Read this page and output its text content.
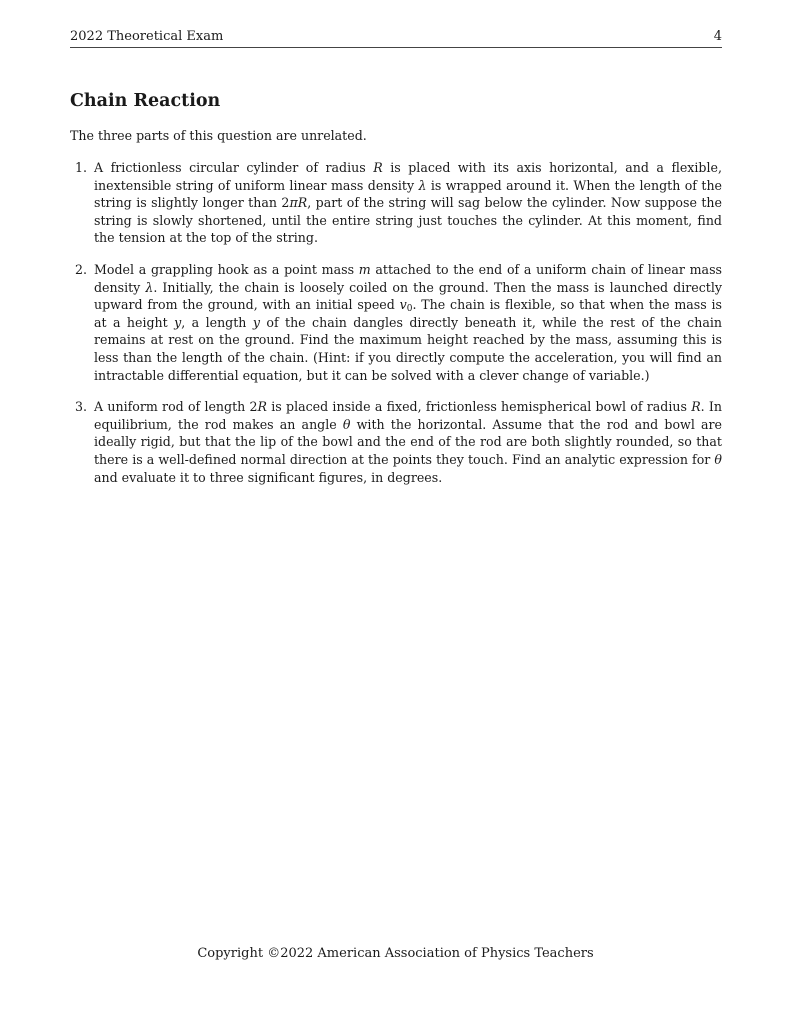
2022 Theoretical Exam	4
Chain Reaction

The three parts of this question are unrelated.

1. A frictionless circular cylinder of radius R is placed with its axis horizontal, and a flexible, inextensible string of uniform linear mass density λ is wrapped around it. When the length of the string is slightly longer than 2πR, part of the string will sag below the cylinder. Now suppose the string is slowly shortened, until the entire string just touches the cylinder. At this moment, find the tension at the top of the string.
2. Model a grappling hook as a point mass m attached to the end of a uniform chain of linear mass density λ. Initially, the chain is loosely coiled on the ground. Then the mass is launched directly upward from the ground, with an initial speed $v_0$. The chain is flexible, so that when the mass is at a height y, a length y of the chain dangles directly beneath it, while the rest of the chain remains at rest on the ground. Find the maximum height reached by the mass, assuming this is less than the length of the chain. (Hint: if you directly compute the acceleration, you will find an intractable differential equation, but it can be solved with a clever change of variable.)
3. A uniform rod of length 2R is placed inside a fixed, frictionless hemispherical bowl of radius R. In equilibrium, the rod makes an angle θ with the horizontal. Assume that the rod and bowl are ideally rigid, but that the lip of the bowl and the end of the rod are both slightly rounded, so that there is a well-defined normal direction at the points they touch. Find an analytic expression for θ and evaluate it to three significant figures, in degrees.
Copyright ©2022 American Association of Physics Teachers
